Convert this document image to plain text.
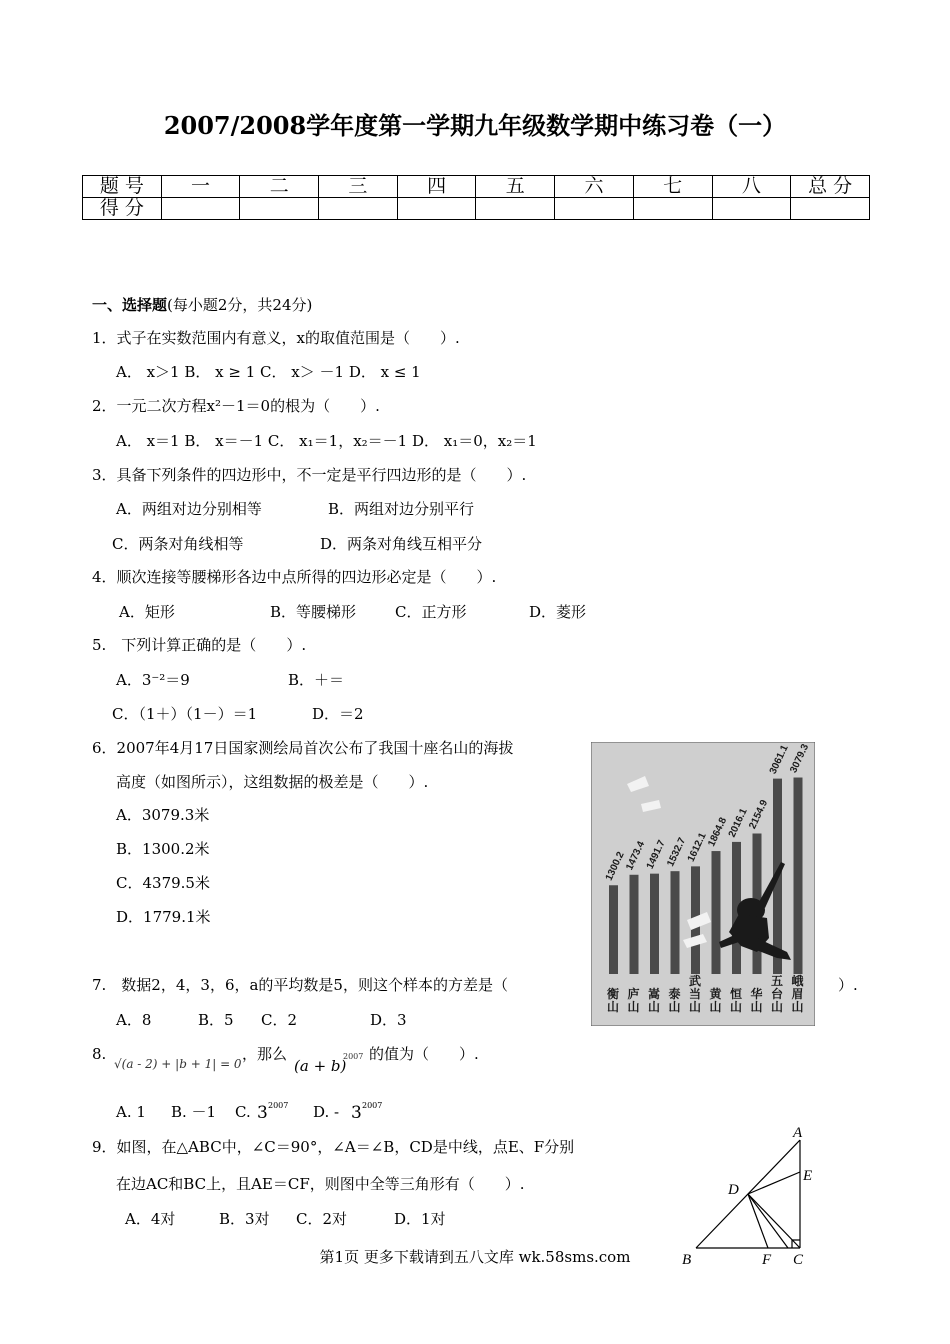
2007/2008学年度第一学期九年级数学期中练习卷（一）
题 号	一	二	三	四	五	六	七	八	总 分
得 分									
一、选择题(每小题2分，共24分)
1．式子在实数范围内有意义，x的取值范围是（　　）.
A． x＞1 B． x ≥ 1 C． x＞ －1 D． x ≤ 1
2．一元二次方程x²－1＝0的根为（　　）.
A． x＝1 B． x＝－1 C． x₁＝1，x₂＝－1 D． x₁＝0，x₂＝1
3．具备下列条件的四边形中，不一定是平行四边形的是（　　）.
A．两组对边分别相等	B．两组对边分别平行
C．两条对角线相等	D．两条对角线互相平分
4．顺次连接等腰梯形各边中点所得的四边形必定是（　　）.
A．矩形	B．等腰梯形	C．正方形	D．菱形
5.　下列计算正确的是（　　）.
A．3⁻²＝9	B．＋＝
C．（1＋）（1－）＝1	D．＝2
6．2007年4月17日国家测绘局首次公布了我国十座名山的海拔
高度（如图所示），这组数据的极差是（　　）.
A．3079.3米
B．1300.2米
C．4379.5米
D．1779.1米
1300.2
1473.4
1491.7
1532.7
1612.1
1864.8
2016.1
2154.9
3061.1
3079.3
衡
山
庐
山
嵩
山
泰
山
武
当
山
黄
山
恒
山
华
山
五
台
山
峨
眉
山
7.　数据2，4，3，6，a的平均数是5，则这个样本的方差是（	）.
A．8	B．5 C．2	D．3
8.
√(a - 2) + |b + 1| = 0
，那么
(a + b)
2007 的值为（　　）.
A. 1 B. －1 C. 3 2007 D. - 3 2007
9．如图，在△ABC中，∠C＝90°，∠A＝∠B，CD是中线，点E、F分别
在边AC和BC上，且AE＝CF，则图中全等三角形有（　　）.
A．4对	B．3对 C．2对	D．1对
A
E
D
B	F C
第1页 更多下载请到五八文库 wk.58sms.com
